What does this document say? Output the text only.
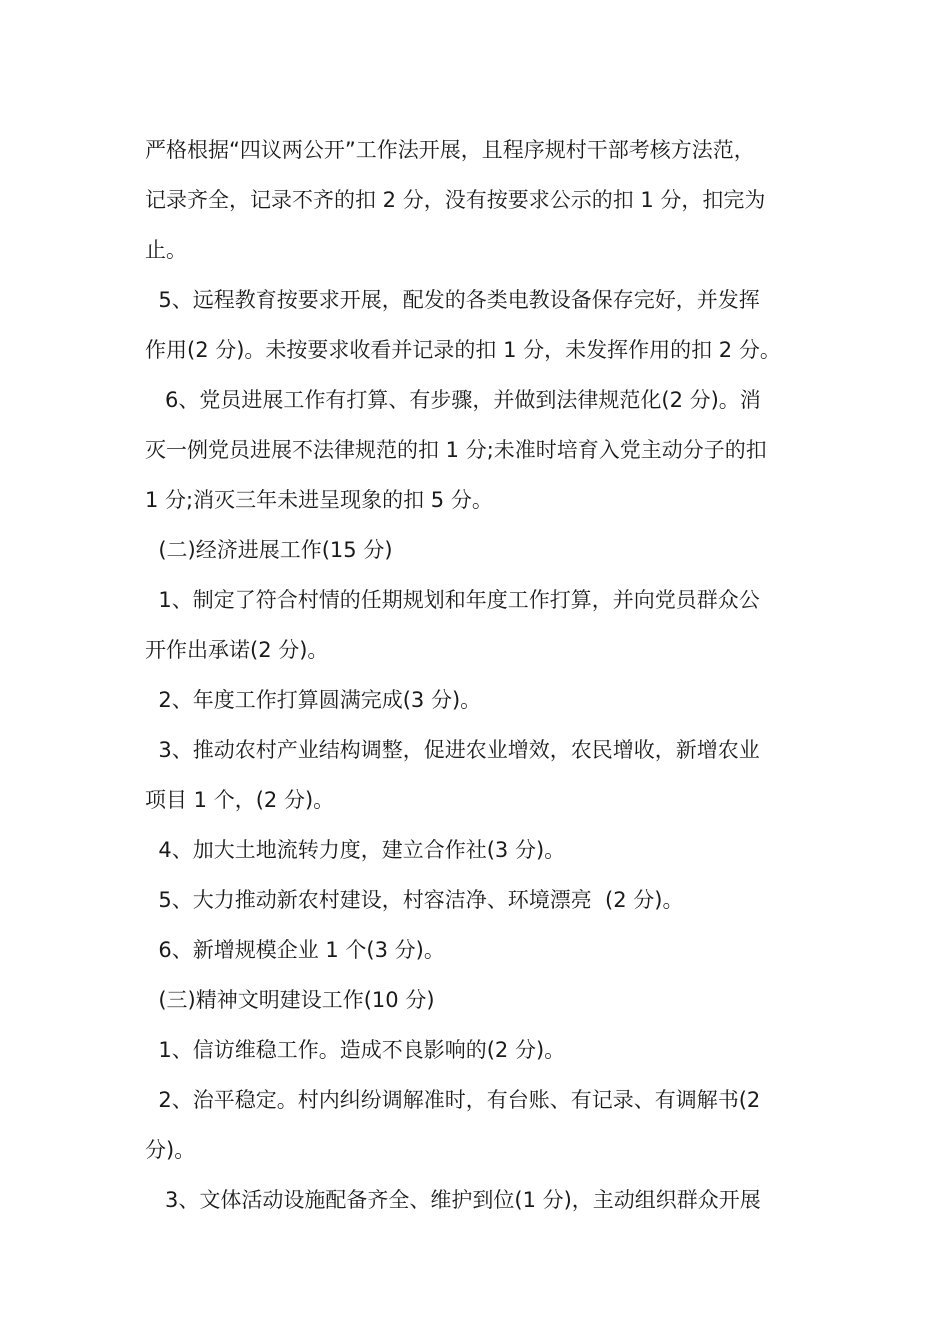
严格根据“四议两公开”工作法开展，且程序规村干部考核方法范，
记录齐全，记录不齐的扣 2 分，没有按要求公示的扣 1 分，扣完为
止。
5、远程教育按要求开展，配发的各类电教设备保存完好，并发挥
作用(2 分)。未按要求收看并记录的扣 1 分，未发挥作用的扣 2 分。
6、党员进展工作有打算、有步骤，并做到法律规范化(2 分)。消
灭一例党员进展不法律规范的扣 1 分;未准时培育入党主动分子的扣
1 分;消灭三年未进呈现象的扣 5 分。
(二)经济进展工作(15 分)
1、制定了符合村情的任期规划和年度工作打算，并向党员群众公
开作出承诺(2 分)。
2、年度工作打算圆满完成(3 分)。
3、推动农村产业结构调整，促进农业增效，农民增收，新增农业
项目 1 个，(2 分)。
4、加大土地流转力度，建立合作社(3 分)。
5、大力推动新农村建设，村容洁净、环境漂亮  (2 分)。
6、新增规模企业 1 个(3 分)。
(三)精神文明建设工作(10 分)
1、信访维稳工作。造成不良影响的(2 分)。
2、治平稳定。村内纠纷调解准时，有台账、有记录、有调解书(2
分)。
3、文体活动设施配备齐全、维护到位(1 分)，主动组织群众开展
